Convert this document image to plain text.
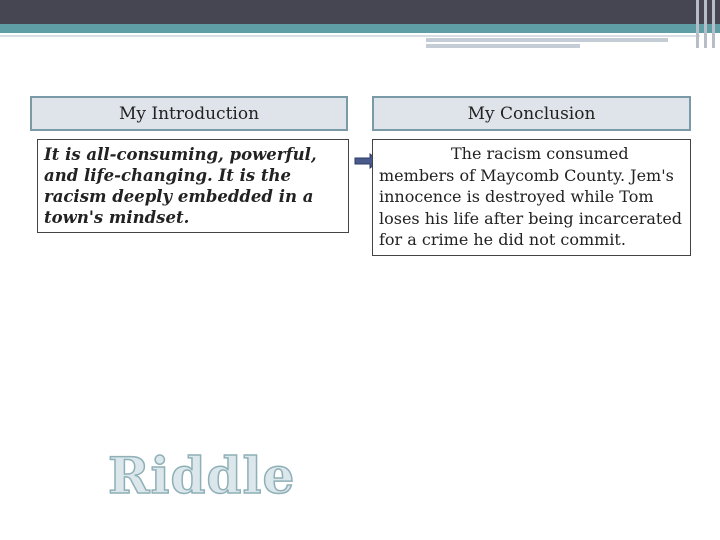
My Introduction	My Conclusion
It is all-consuming, powerful, and life-changing. It is the racism deeply embedded in a town's mindset.
The racism consumed
members of Maycomb County. Jem's innocence is destroyed while Tom loses his life after being incarcerated for a crime he did not commit.
Riddle
